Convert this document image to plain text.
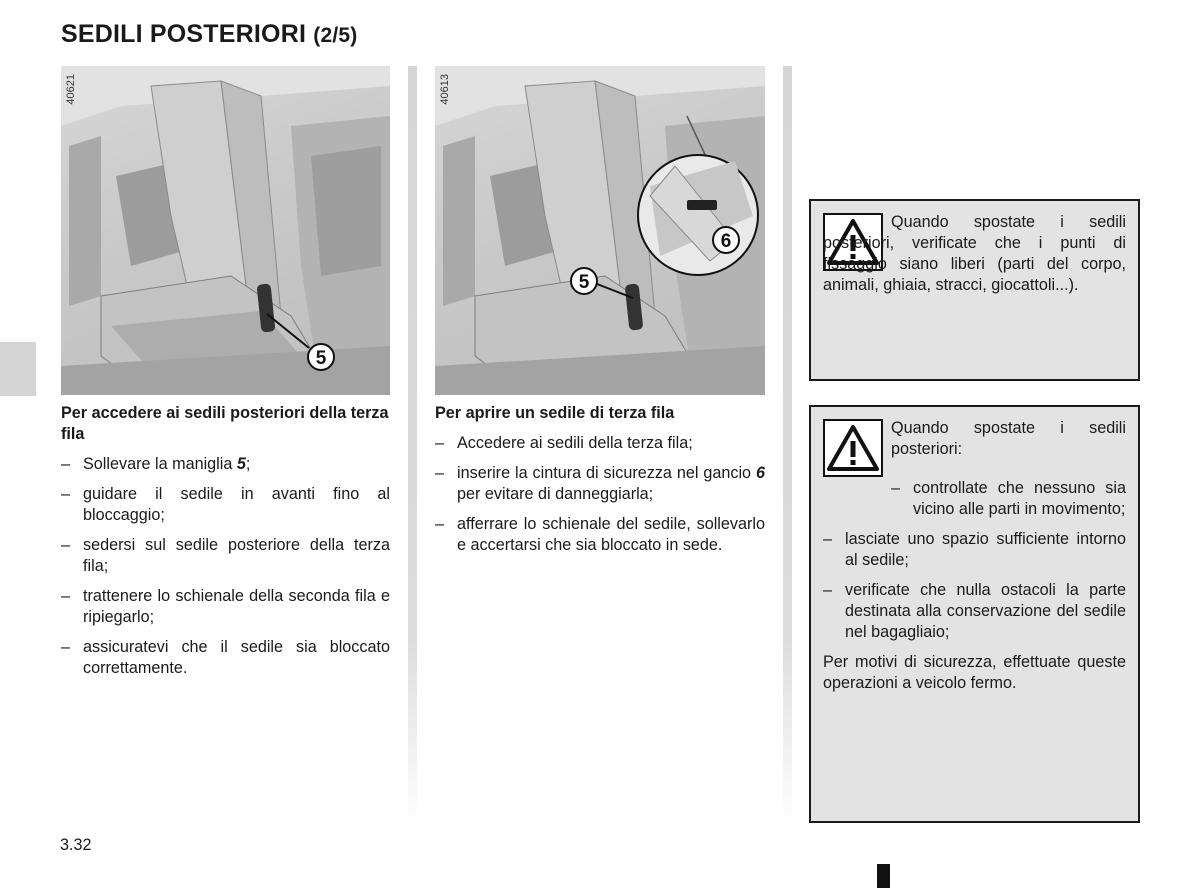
SEDILI POSTERIORI (2/5)
5
40621
6
5
40613
Per accedere ai sedili posteriori della terza fila
– Sollevare la maniglia 5;
– guidare il sedile in avanti fino al bloccaggio;
– sedersi sul sedile posteriore della terza fila;
– trattenere lo schienale della seconda fila e ripiegarlo;
– assicuratevi che il sedile sia bloccato correttamente.
Per aprire un sedile di terza fila
– Accedere ai sedili della terza fila;
– inserire la cintura di sicurezza nel gancio 6 per evitare di danneggiarla;
– afferrare lo schienale del sedile, sollevarlo e accertarsi che sia bloccato in sede.

Quando spostate i sedili posteriori, verificate che i punti di fissaggio siano liberi (parti del corpo, animali, ghiaia, stracci, giocattoli...).

Quando spostate i sedili posteriori:

– controllate che nessuno sia vicino alle parti in movimento;
– lasciate uno spazio sufficiente intorno al sedile;
– verificate che nulla ostacoli la parte destinata alla conservazione del sedile nel bagagliaio;

Per motivi di sicurezza, effettuate queste operazioni a veicolo fermo.

3.32
